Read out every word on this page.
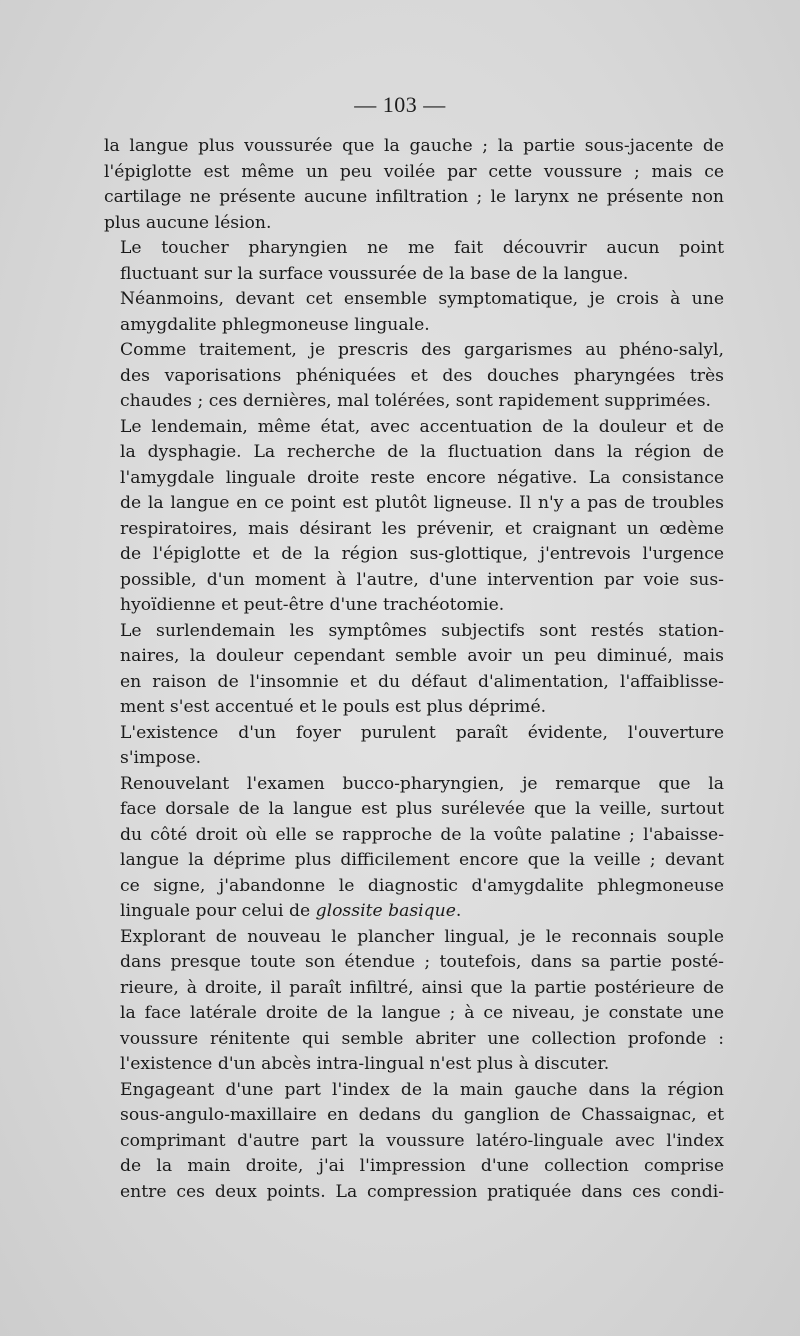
— 103 —
la langue plus voussurée que la gauche ; la partie sous-jacente de
l'épiglotte est même un peu voilée par cette voussure ; mais ce
cartilage ne présente aucune infiltration ; le larynx ne présente non
plus aucune lésion.
Le toucher pharyngien ne me fait découvrir aucun point
fluctuant sur la surface voussurée de la base de la langue.
Néanmoins, devant cet ensemble symptomatique, je crois à une
amygdalite phlegmoneuse linguale.
Comme traitement, je prescris des gargarismes au phéno-salyl,
des vaporisations phéniquées et des douches pharyngées très
chaudes ; ces dernières, mal tolérées, sont rapidement supprimées.
Le lendemain, même état, avec accentuation de la douleur et de
la dysphagie. La recherche de la fluctuation dans la région de
l'amygdale linguale droite reste encore négative. La consistance
de la langue en ce point est plutôt ligneuse. Il n'y a pas de troubles
respiratoires, mais désirant les prévenir, et craignant un œdème
de l'épiglotte et de la région sus-glottique, j'entrevois l'urgence
possible, d'un moment à l'autre, d'une intervention par voie sus-
hyoïdienne et peut-être d'une trachéotomie.
Le surlendemain les symptômes subjectifs sont restés station-
naires, la douleur cependant semble avoir un peu diminué, mais
en raison de l'insomnie et du défaut d'alimentation, l'affaiblisse-
ment s'est accentué et le pouls est plus déprimé.
L'existence d'un foyer purulent paraît évidente, l'ouverture
s'impose.
Renouvelant l'examen bucco-pharyngien, je remarque que la
face dorsale de la langue est plus surélevée que la veille, surtout
du côté droit où elle se rapproche de la voûte palatine ; l'abaisse-
langue la déprime plus difficilement encore que la veille ; devant
ce signe, j'abandonne le diagnostic d'amygdalite phlegmoneuse
linguale pour celui de glossite basique.
Explorant de nouveau le plancher lingual, je le reconnais souple
dans presque toute son étendue ; toutefois, dans sa partie posté-
rieure, à droite, il paraît infiltré, ainsi que la partie postérieure de
la face latérale droite de la langue ; à ce niveau, je constate une
voussure rénitente qui semble abriter une collection profonde :
l'existence d'un abcès intra-lingual n'est plus à discuter.
Engageant d'une part l'index de la main gauche dans la région
sous-angulo-maxillaire en dedans du ganglion de Chassaignac, et
comprimant d'autre part la voussure latéro-linguale avec l'index
de la main droite, j'ai l'impression d'une collection comprise
entre ces deux points. La compression pratiquée dans ces condi-
